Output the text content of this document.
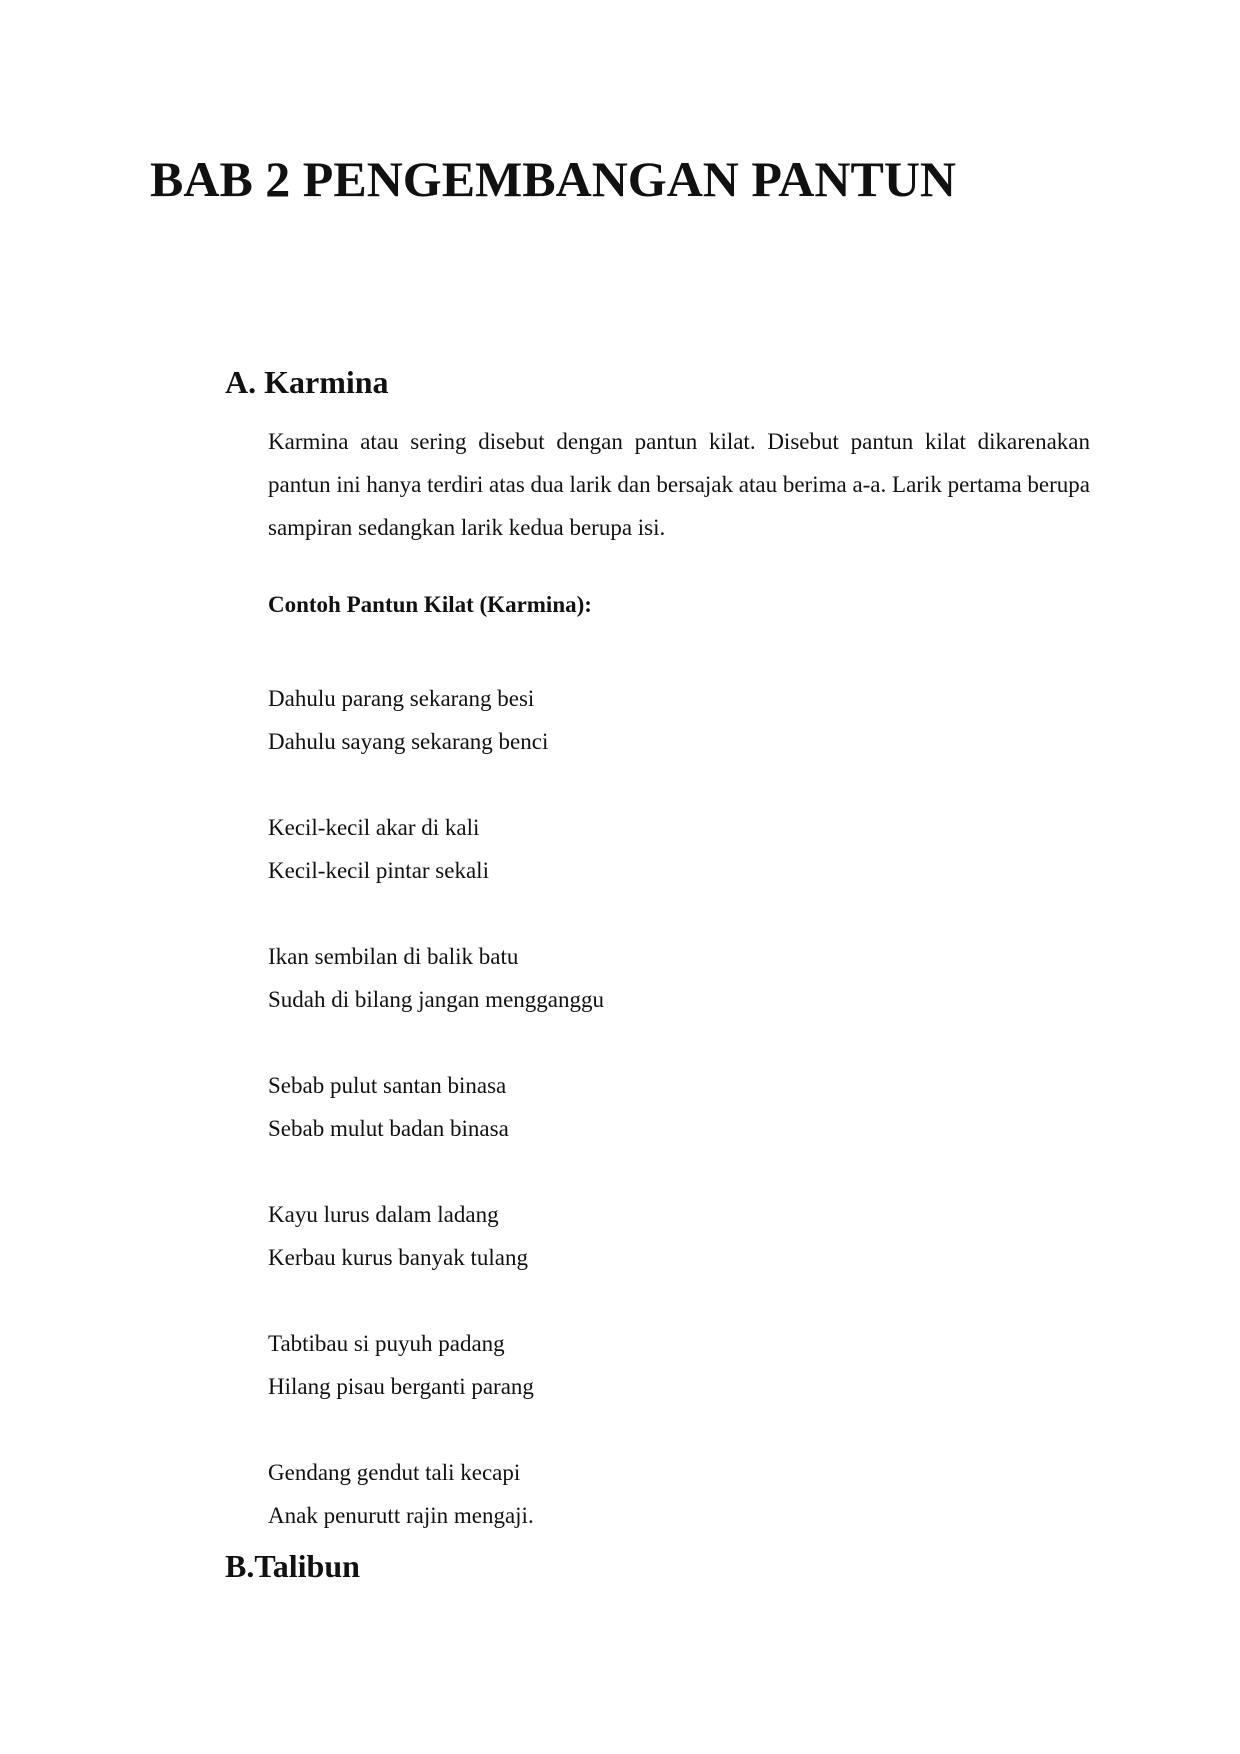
BAB 2 PENGEMBANGAN PANTUN
A. Karmina

Karmina atau sering disebut dengan pantun kilat. Disebut pantun kilat dikarenakan pantun ini hanya terdiri atas dua larik dan bersajak atau berima a-a. Larik pertama berupa sampiran sedangkan larik kedua berupa isi.

Contoh Pantun Kilat (Karmina):

Dahulu parang sekarang besi
Dahulu sayang sekarang benci
Kecil-kecil akar di kali
Kecil-kecil pintar sekali
Ikan sembilan di balik batu
Sudah di bilang jangan mengganggu
Sebab pulut santan binasa
Sebab mulut badan binasa
Kayu lurus dalam ladang
Kerbau kurus banyak tulang
Tabtibau si puyuh padang
Hilang pisau berganti parang
Gendang gendut tali kecapi
Anak penurutt rajin mengaji.
B.Talibun
